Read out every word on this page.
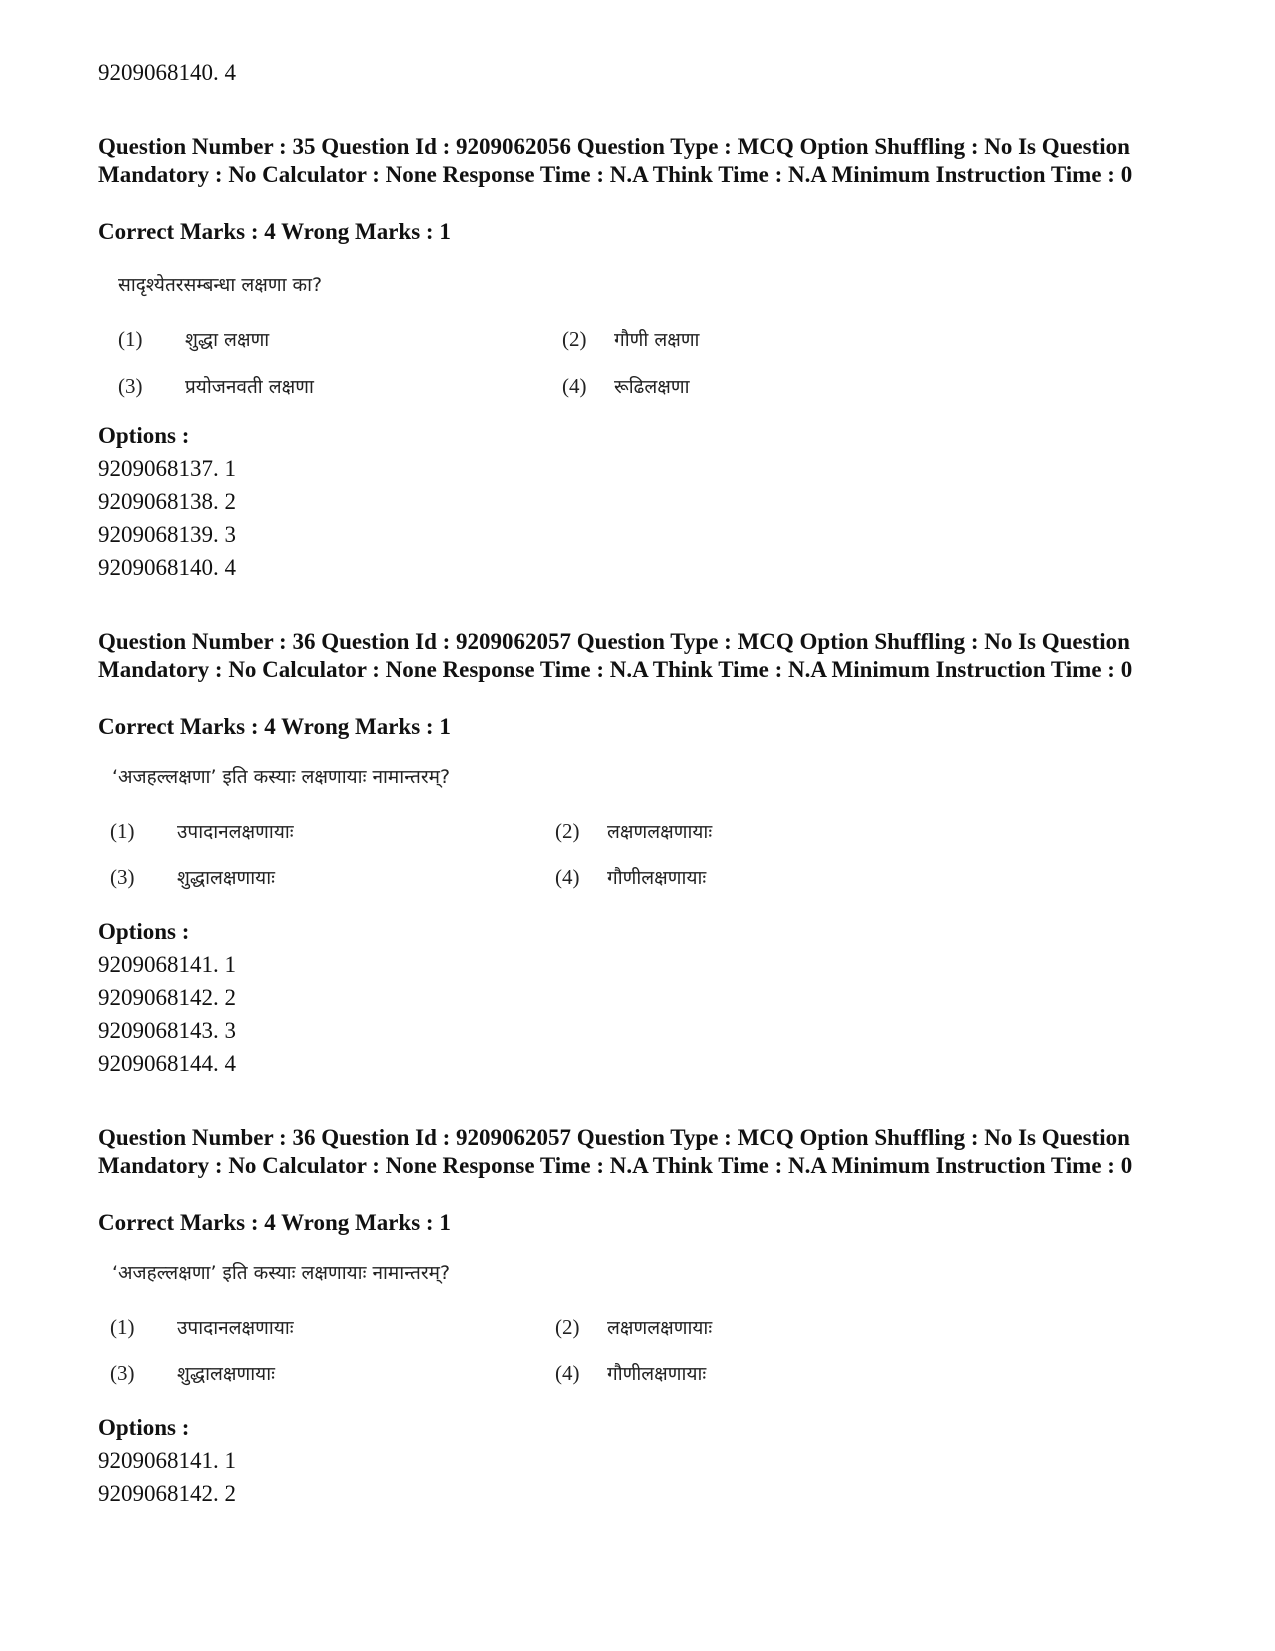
9209068140. 4
Question Number : 35 Question Id : 9209062056 Question Type : MCQ Option Shuffling : No Is Question Mandatory : No Calculator : None Response Time : N.A Think Time : N.A Minimum Instruction Time : 0
Correct Marks : 4 Wrong Marks : 1
सादृश्येतरसम्बन्धा लक्षणा का?
(1) शुद्धा लक्षणा	(2) गौणी लक्षणा
(3) प्रयोजनवती लक्षणा	(4) रूढिलक्षणा
Options :
9209068137. 1
9209068138. 2
9209068139. 3
9209068140. 4
Question Number : 36 Question Id : 9209062057 Question Type : MCQ Option Shuffling : No Is Question Mandatory : No Calculator : None Response Time : N.A Think Time : N.A Minimum Instruction Time : 0
Correct Marks : 4 Wrong Marks : 1
‘अजहल्लक्षणा’ इति कस्याः लक्षणायाः नामान्तरम्?
(1) उपादानलक्षणायाः	(2) लक्षणलक्षणायाः
(3) शुद्धालक्षणायाः	(4) गौणीलक्षणायाः
Options :
9209068141. 1
9209068142. 2
9209068143. 3
9209068144. 4
Question Number : 36 Question Id : 9209062057 Question Type : MCQ Option Shuffling : No Is Question Mandatory : No Calculator : None Response Time : N.A Think Time : N.A Minimum Instruction Time : 0
Correct Marks : 4 Wrong Marks : 1
‘अजहल्लक्षणा’ इति कस्याः लक्षणायाः नामान्तरम्?
(1) उपादानलक्षणायाः	(2) लक्षणलक्षणायाः
(3) शुद्धालक्षणायाः	(4) गौणीलक्षणायाः
Options :
9209068141. 1
9209068142. 2
